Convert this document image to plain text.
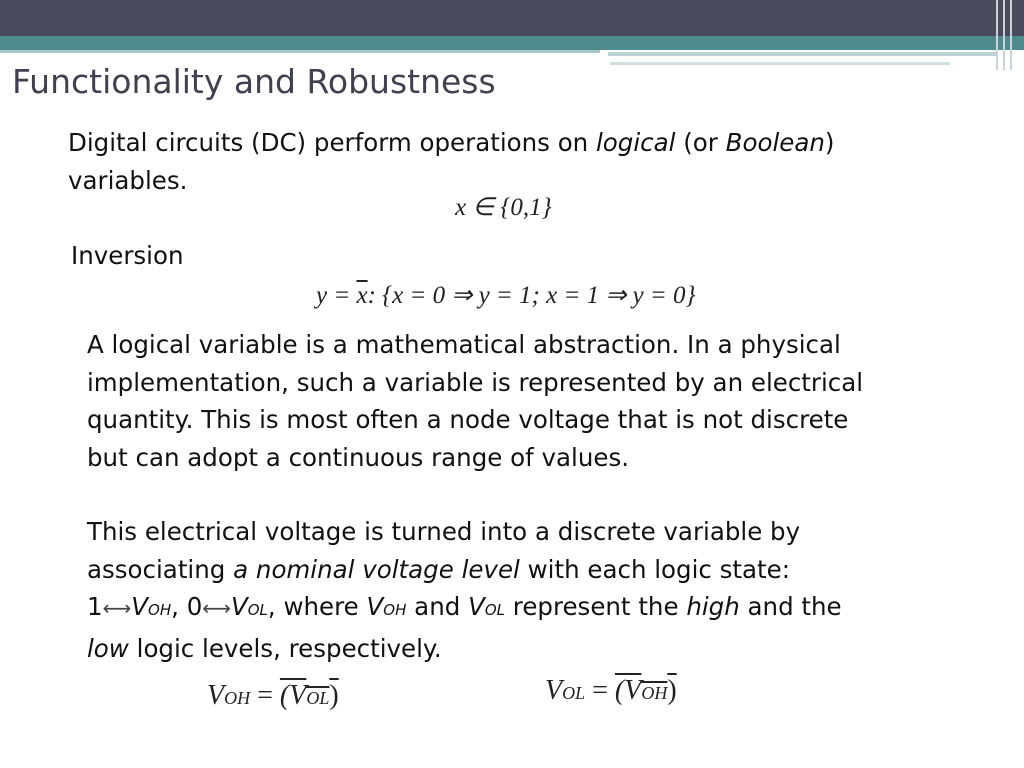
Functionality and Robustness
Digital circuits (DC) perform operations on logical (or Boolean)
variables.
x ∈ {0,1}
Inversion
$y = \overline{x}$: {x = 0 ⇒ y = 1; x = 1 ⇒ y = 0}
A logical variable is a mathematical abstraction. In a physical
implementation, such a variable is represented by an electrical
quantity. This is most often a node voltage that is not discrete
but can adopt a continuous range of values.
This electrical voltage is turned into a discrete variable by
associating a nominal voltage level with each logic state:
1⟷VOH, 0⟷VOL, where VOH and VOL represent the high and the
low logic levels, respectively.
VOH = (VOL)	VOL = (VOH)
